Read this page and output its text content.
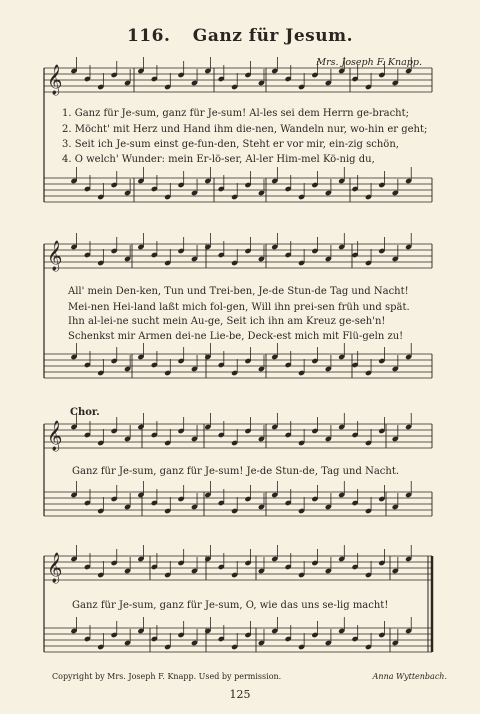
116. Ganz für Jesum.
Mrs. Joseph F. Knapp.
𝄞
𝄞
𝄞
𝄞
1. Ganz für Je-sum, ganz für Je-sum! Al-les sei dem Herrn ge-bracht;
2. Möcht' mit Herz und Hand ihm die-nen, Wandeln nur, wo-hin er geht;
3. Seit ich Je-sum einst ge-fun-den, Steht er vor mir, ein-zig schön,
4. O welch' Wunder: mein Er-lö-ser, Al-ler Him-mel Kö-nig du,
All' mein Den-ken, Tun und Trei-ben, Je-de Stun-de Tag und Nacht!
Mei-nen Hei-land laßt mich fol-gen, Will ihn prei-sen früh und spät.
Ihn al-lei-ne sucht mein Au-ge, Seit ich ihn am Kreuz ge-seh'n!
Schenkst mir Armen dei-ne Lie-be, Deck-est mich mit Flü-geln zu!
Chor.
Ganz für Je-sum, ganz für Je-sum! Je-de Stun-de, Tag und Nacht.
Ganz für Je-sum, ganz für Je-sum, O, wie das uns se-lig macht!
Copyright by Mrs. Joseph F. Knapp. Used by permission.	Anna Wyttenbach.
125
